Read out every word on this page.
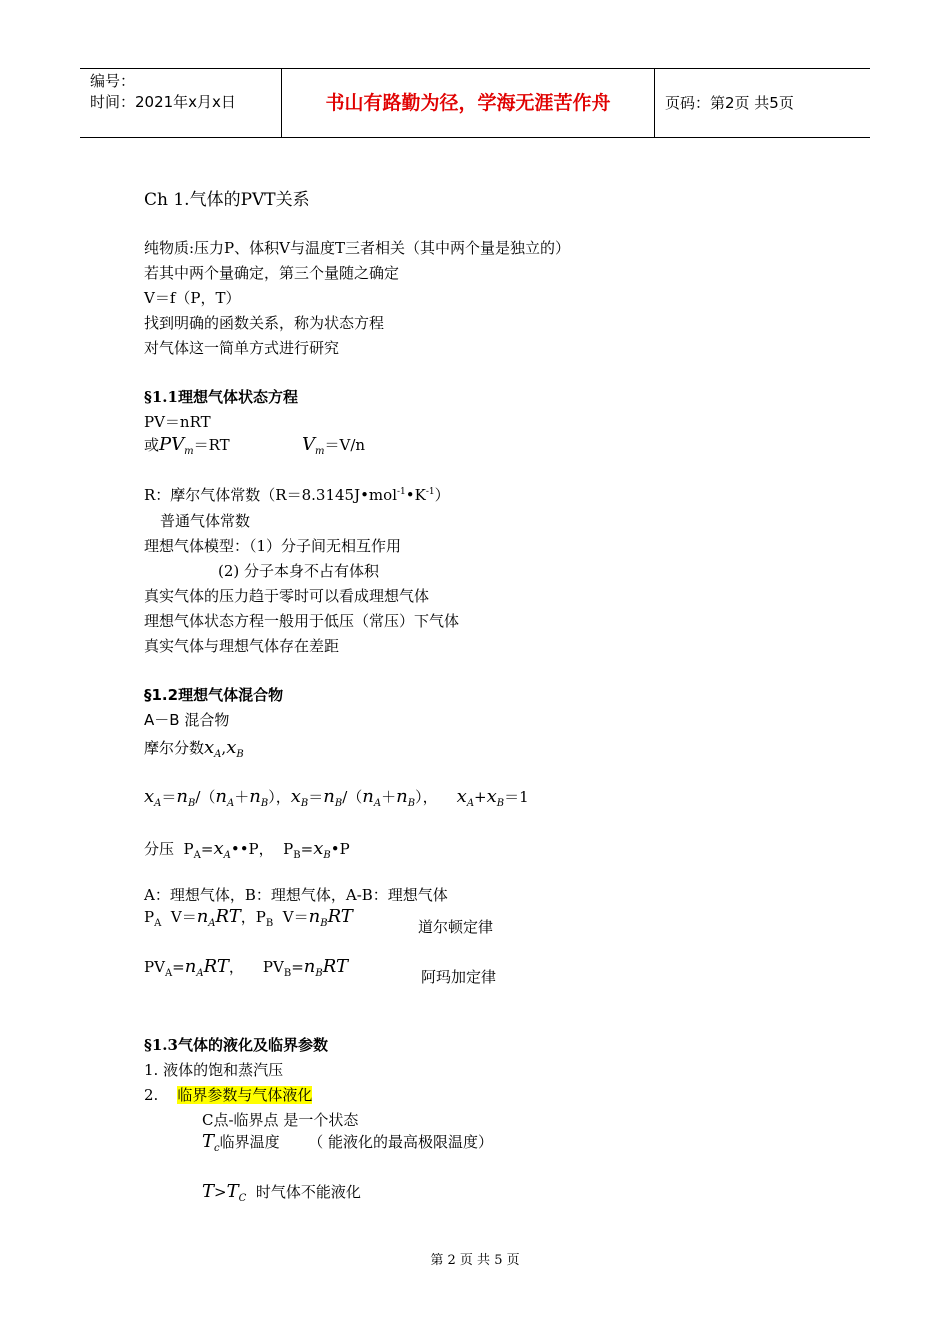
编号：
时间：2021年x月x日	书山有路勤为径，学海无涯苦作舟	页码：第2页 共5页
Ch 1.气体的PVT关系
纯物质:压力P、体积V与温度T三者相关（其中两个量是独立的）
若其中两个量确定，第三个量随之确定
V＝f（P，T）
找到明确的函数关系，称为状态方程
对气体这一简单方式进行研究
§1.1理想气体状态方程
PV＝nRT
或$PV_m=RT$	$V_m=V/n$
R：摩尔气体常数$(R=8.3145J•mol^{-1}•K^{-1})$
普通气体常数
理想气体模型：（1）分子间无相互作用
(2) 分子本身不占有体积
真实气体的压力趋于零时可以看成理想气体
理想气体状态方程一般用于低压（常压）下气体
真实气体与理想气体存在差距
§1.2理想气体混合物
A－B 混合物
摩尔分数$x_A,x_B$
$x_A=n_B/(n_A+n_B)$，$x_B=n_B/(n_A+n_B)$，    $x_A+x_B=1$
分压  $P_A=x_A••P$，  $P_B=x_B•P$
A：理想气体，B：理想气体，A-B：理想气体
$P_A$  $V=n_ART$，$P_B$  $V=n_BRT$	道尔顿定律
$PV_A=n_ART$，    $PV_B=n_BRT$	阿玛加定律
§1.3气体的液化及临界参数
1. 液体的饱和蒸汽压
2. 临界参数与气体液化
C点-临界点 是一个状态
$T_c$临界温度 （ 能液化的最高极限温度）
$T>T_C$ 时气体不能液化
第 2 页 共 5 页
